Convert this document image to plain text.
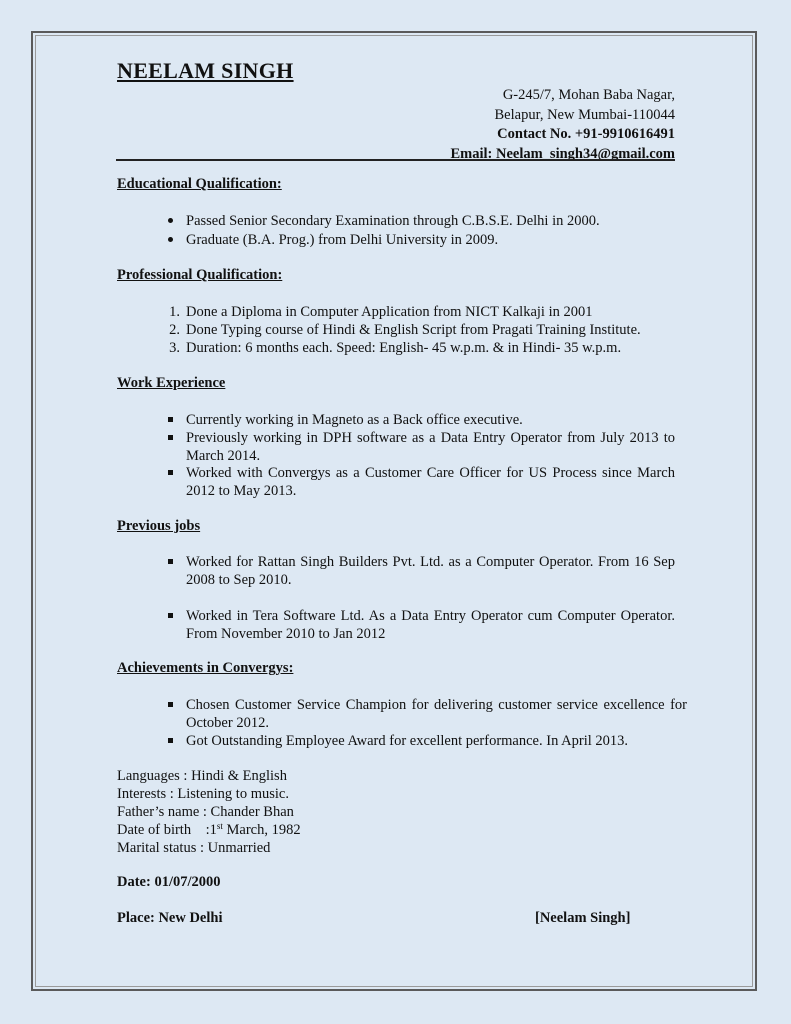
NEELAM SINGH
G-245/7, Mohan Baba Nagar,
Belapur, New Mumbai-110044
Contact No. +91-9910616491
Email: Neelam_singh34@gmail.com
Educational Qualification:
Passed Senior Secondary Examination through C.B.S.E. Delhi in 2000.
Graduate (B.A. Prog.) from Delhi University in 2009.
Professional Qualification:
1. Done a Diploma in Computer Application from NICT Kalkaji in 2001
2. Done Typing course of Hindi & English Script from Pragati Training Institute.
3. Duration: 6 months each. Speed: English- 45 w.p.m. & in Hindi- 35 w.p.m.
Work Experience
Currently working in Magneto as a Back office executive.
Previously working in DPH software as a Data Entry Operator from July 2013 to March 2014.
Worked with Convergys as a Customer Care Officer for US Process since March 2012 to May 2013.
Previous jobs
Worked for Rattan Singh Builders Pvt. Ltd. as a Computer Operator. From 16 Sep 2008 to Sep 2010.
Worked in Tera Software Ltd. As a Data Entry Operator cum Computer Operator. From November 2010 to Jan 2012
Achievements in Convergys:
Chosen Customer Service Champion for delivering customer service excellence for October 2012.
Got Outstanding Employee Award for excellent performance. In April 2013.
Languages : Hindi & English
Interests : Listening to music.
Father’s name : Chander Bhan
Date of birth    :1st March, 1982
Marital status : Unmarried
Date: 01/07/2000
Place: New Delhi	[Neelam Singh]
